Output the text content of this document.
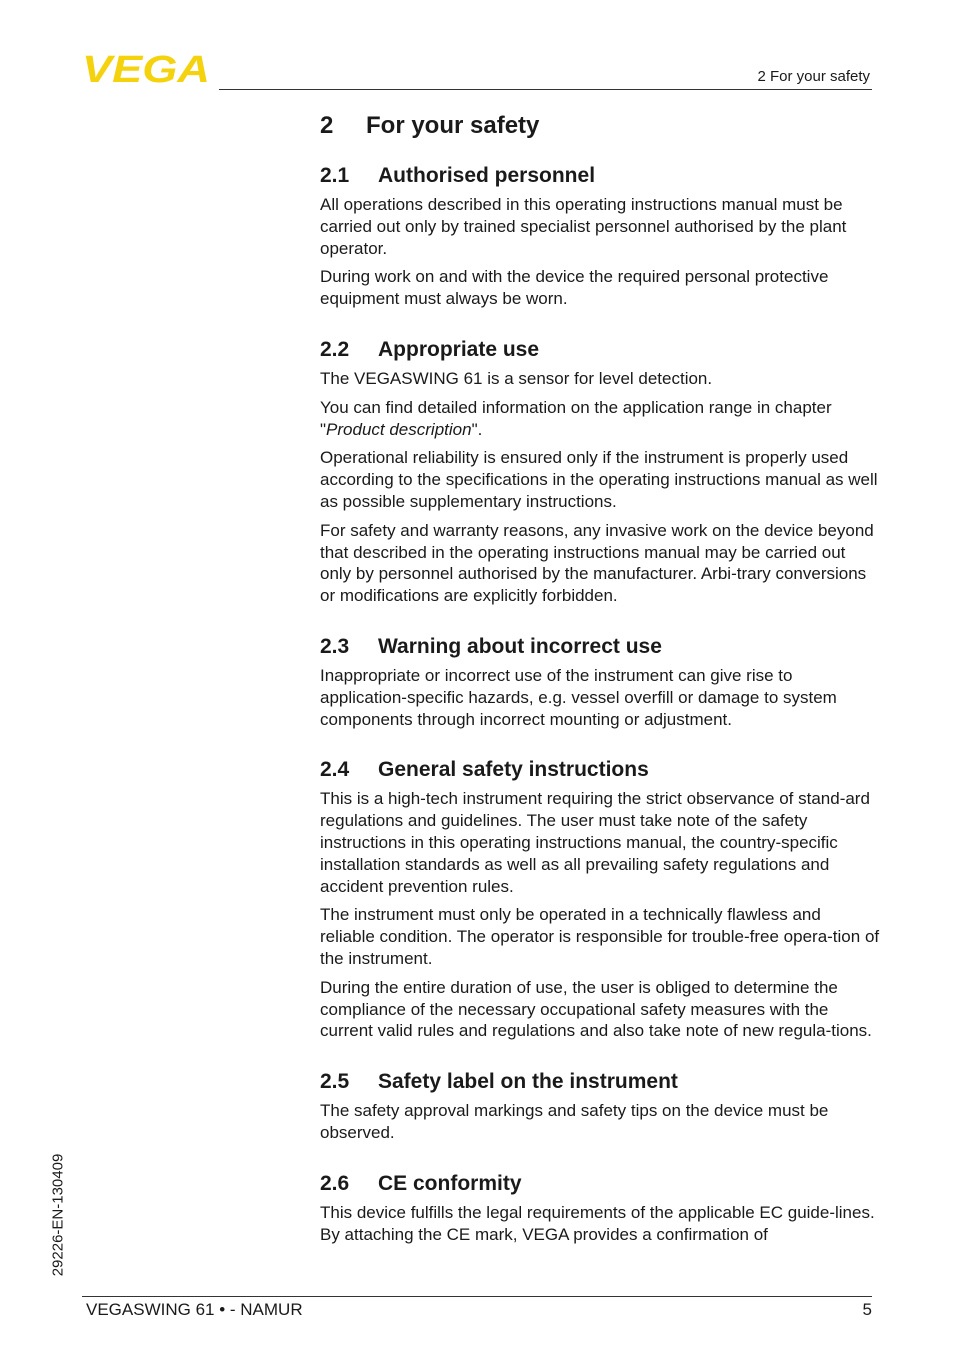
VEGA	2 For your safety
2 For your safety
2.1 Authorised personnel

All operations described in this operating instructions manual must be carried out only by trained specialist personnel authorised by the plant operator.

During work on and with the device the required personal protective equipment must always be worn.

2.2 Appropriate use

The VEGASWING 61 is a sensor for level detection.

You can find detailed information on the application range in chapter "Product description".

Operational reliability is ensured only if the instrument is properly used according to the specifications in the operating instructions manual as well as possible supplementary instructions.

For safety and warranty reasons, any invasive work on the device beyond that described in the operating instructions manual may be carried out only by personnel authorised by the manufacturer. Arbi-trary conversions or modifications are explicitly forbidden.

2.3 Warning about incorrect use

Inappropriate or incorrect use of the instrument can give rise to application-specific hazards, e.g. vessel overfill or damage to system components through incorrect mounting or adjustment.

2.4 General safety instructions

This is a high-tech instrument requiring the strict observance of stand-ard regulations and guidelines. The user must take note of the safety instructions in this operating instructions manual, the country-specific installation standards as well as all prevailing safety regulations and accident prevention rules.

The instrument must only be operated in a technically flawless and reliable condition. The operator is responsible for trouble-free opera-tion of the instrument.

During the entire duration of use, the user is obliged to determine the compliance of the necessary occupational safety measures with the current valid rules and regulations and also take note of new regula-tions.

2.5 Safety label on the instrument

The safety approval markings and safety tips on the device must be observed.

2.6 CE conformity

This device fulfills the legal requirements of the applicable EC guide-lines. By attaching the CE mark, VEGA provides a confirmation of

29226-EN-130409
VEGASWING 61 • - NAMUR	5
